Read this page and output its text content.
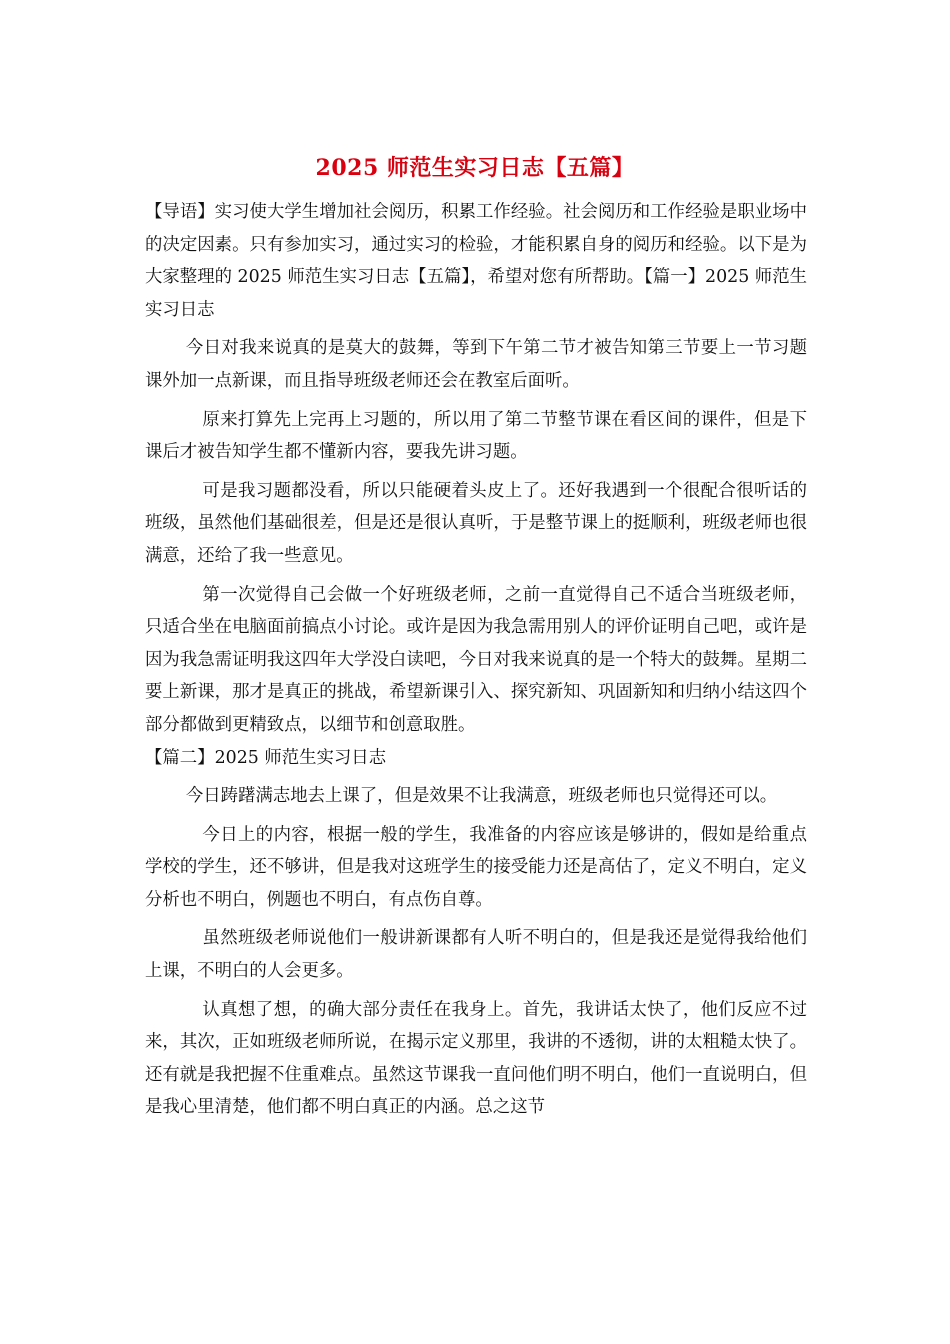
2025 师范生实习日志【五篇】

【导语】实习使大学生增加社会阅历，积累工作经验。社会阅历和工作经验是职业场中的决定因素。只有参加实习，通过实习的检验，才能积累自身的阅历和经验。以下是为大家整理的 2025 师范生实习日志【五篇】，希望对您有所帮助。【篇一】2025 师范生实习日志

今日对我来说真的是莫大的鼓舞，等到下午第二节才被告知第三节要上一节习题课外加一点新课，而且指导班级老师还会在教室后面听。

原来打算先上完再上习题的，所以用了第二节整节课在看区间的课件，但是下课后才被告知学生都不懂新内容，要我先讲习题。

可是我习题都没看，所以只能硬着头皮上了。还好我遇到一个很配合很听话的班级，虽然他们基础很差，但是还是很认真听，于是整节课上的挺顺利，班级老师也很满意，还给了我一些意见。

第一次觉得自己会做一个好班级老师，之前一直觉得自己不适合当班级老师，只适合坐在电脑面前搞点小讨论。或许是因为我急需用别人的评价证明自己吧，或许是因为我急需证明我这四年大学没白读吧，今日对我来说真的是一个特大的鼓舞。星期二要上新课，那才是真正的挑战，希望新课引入、探究新知、巩固新知和归纳小结这四个部分都做到更精致点，以细节和创意取胜。

【篇二】2025 师范生实习日志

今日踌躇满志地去上课了，但是效果不让我满意，班级老师也只觉得还可以。

今日上的内容，根据一般的学生，我准备的内容应该是够讲的，假如是给重点学校的学生，还不够讲，但是我对这班学生的接受能力还是高估了，定义不明白，定义分析也不明白，例题也不明白，有点伤自尊。

虽然班级老师说他们一般讲新课都有人听不明白的，但是我还是觉得我给他们上课，不明白的人会更多。

认真想了想，的确大部分责任在我身上。首先，我讲话太快了，他们反应不过来，其次，正如班级老师所说，在揭示定义那里，我讲的不透彻，讲的太粗糙太快了。还有就是我把握不住重难点。虽然这节课我一直问他们明不明白，他们一直说明白，但是我心里清楚，他们都不明白真正的内涵。总之这节
